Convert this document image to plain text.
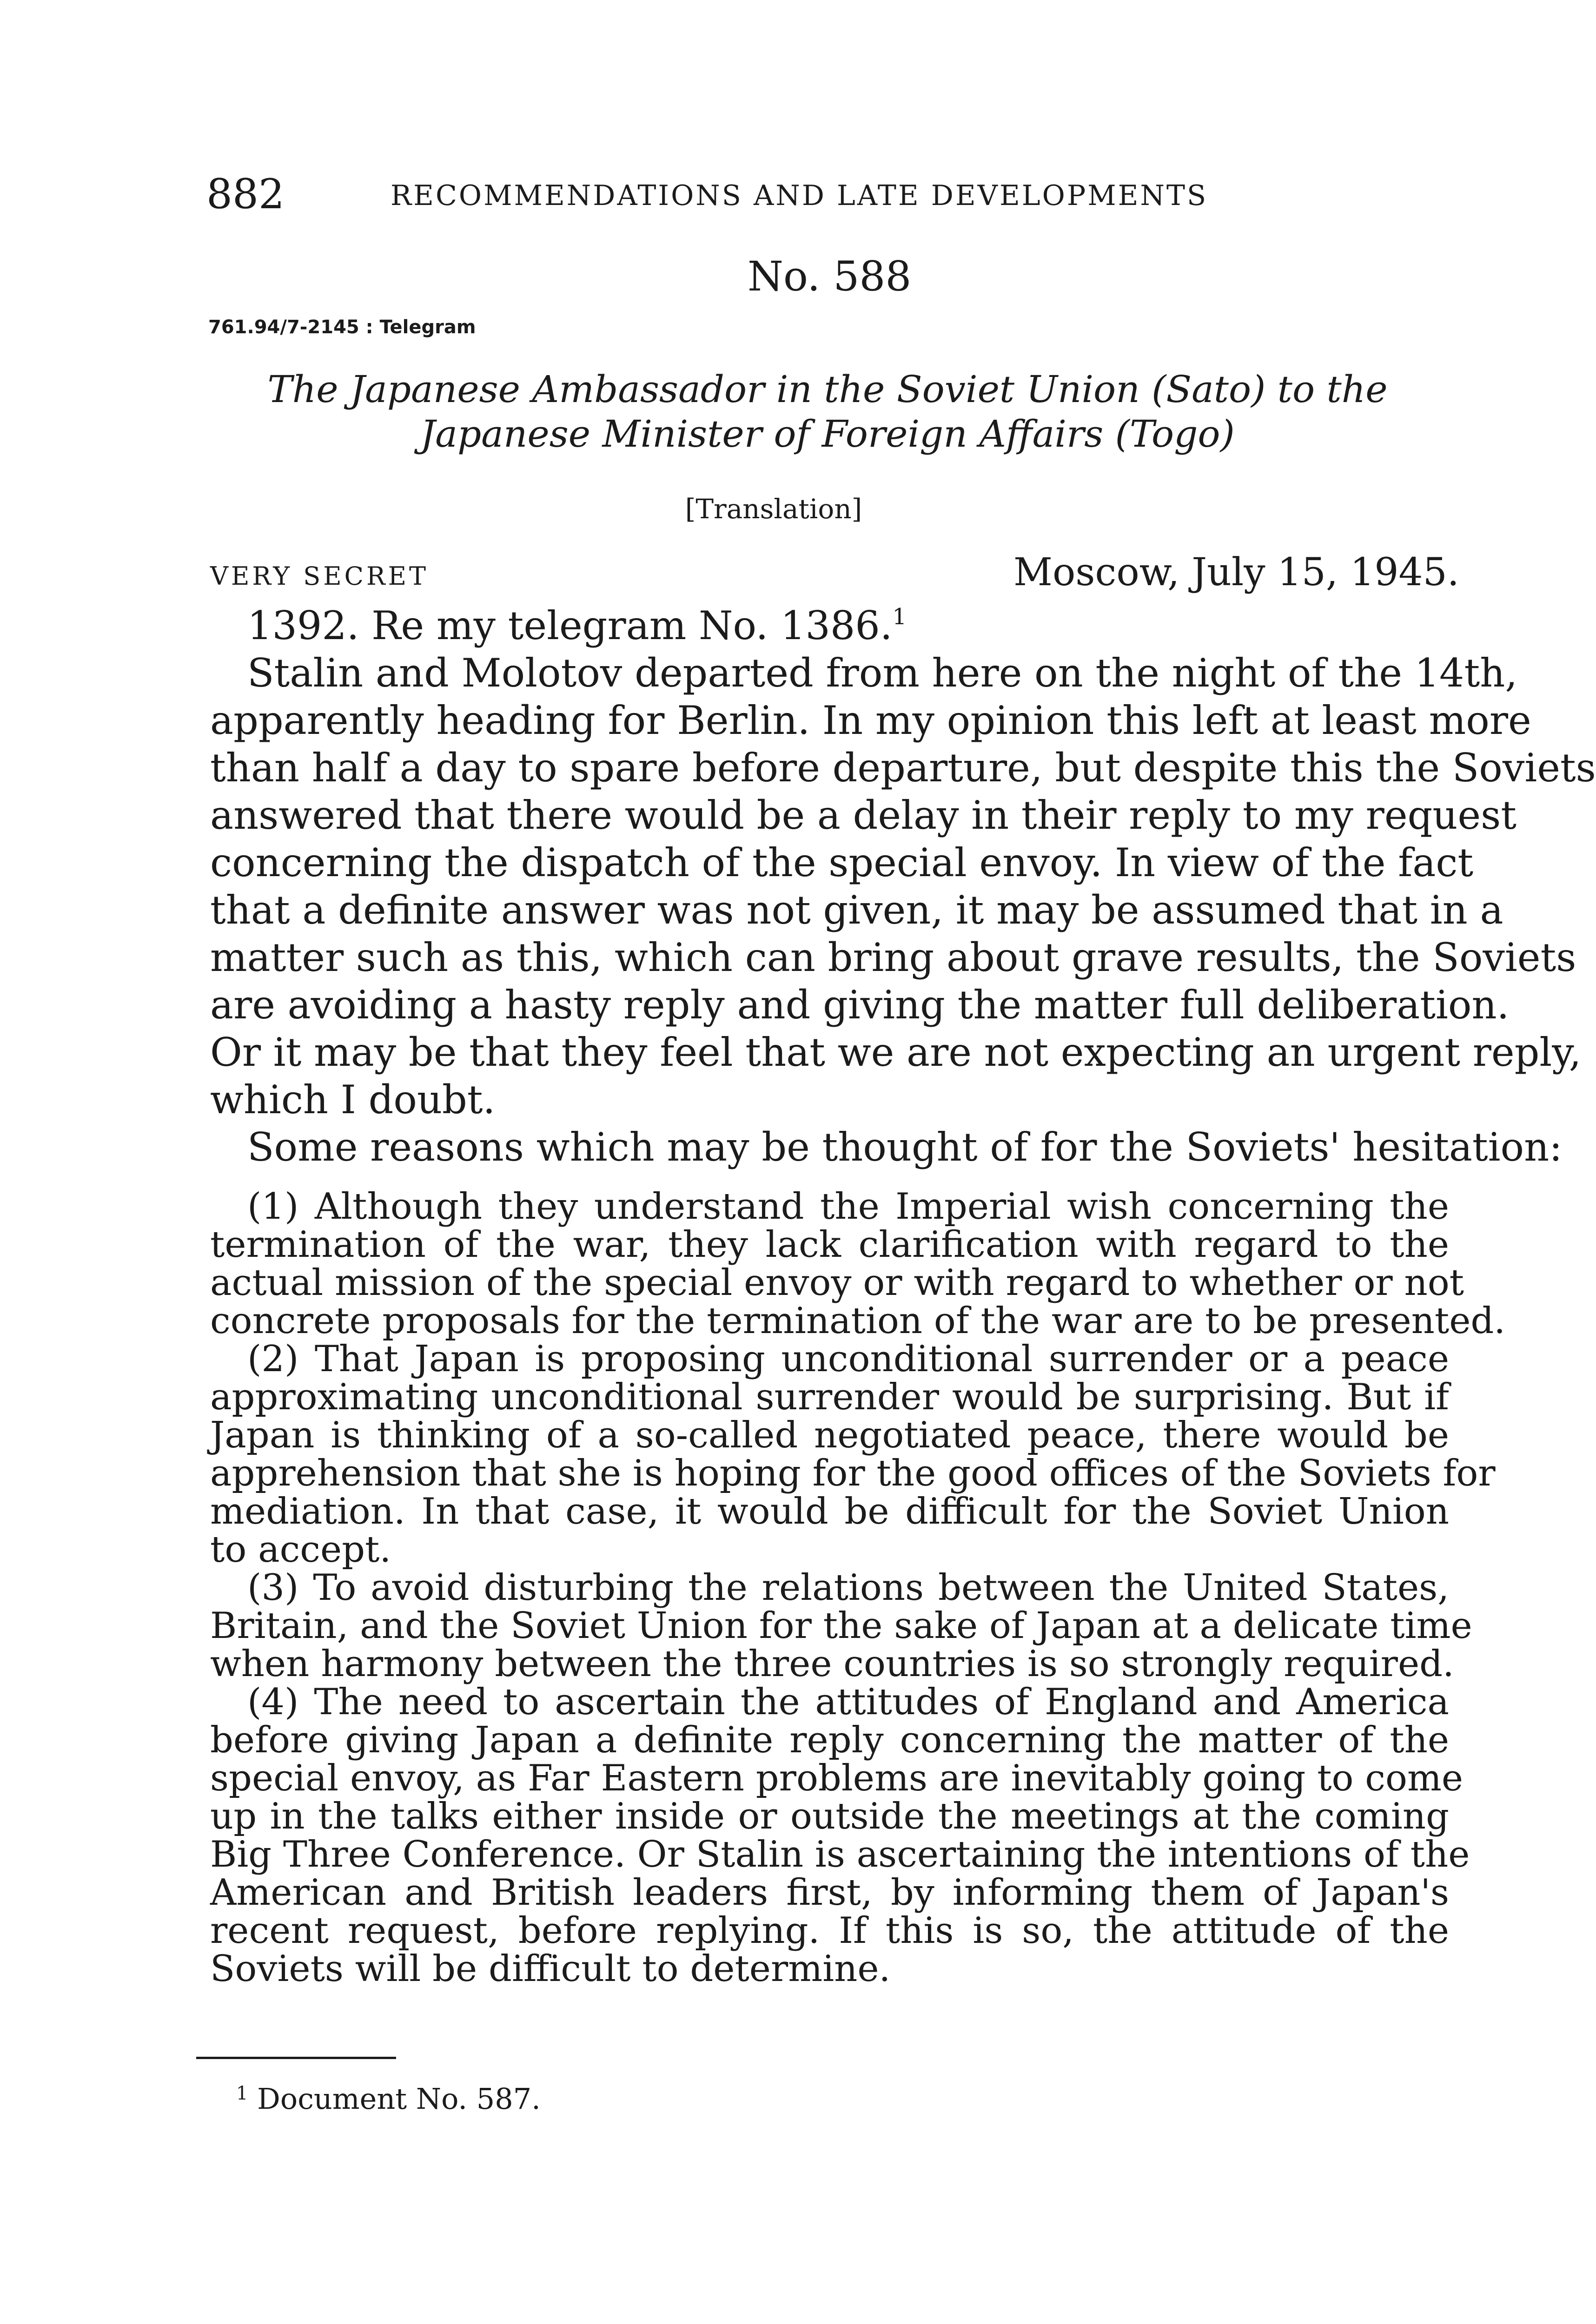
882	RECOMMENDATIONS AND LATE DEVELOPMENTS
No. 588
761.94/7-2145 : Telegram
The Japanese Ambassador in the Soviet Union (Sato) to the Japanese Minister of Foreign Affairs (Togo)
[Translation]
VERY SECRET	Moscow, July 15, 1945.
1392. Re my telegram No. 1386.$^1$
Stalin and Molotov departed from here on the night of the 14th,
apparently heading for Berlin. In my opinion this left at least more
than half a day to spare before departure, but despite this the Soviets
answered that there would be a delay in their reply to my request
concerning the dispatch of the special envoy. In view of the fact
that a definite answer was not given, it may be assumed that in a
matter such as this, which can bring about grave results, the Soviets
are avoiding a hasty reply and giving the matter full deliberation.
Or it may be that they feel that we are not expecting an urgent reply,
which I doubt.
Some reasons which may be thought of for the Soviets' hesitation:
(1) Although they understand the Imperial wish concerning the
termination of the war, they lack clarification with regard to the
actual mission of the special envoy or with regard to whether or not
concrete proposals for the termination of the war are to be presented.
(2) That Japan is proposing unconditional surrender or a peace
approximating unconditional surrender would be surprising. But if
Japan is thinking of a so-called negotiated peace, there would be
apprehension that she is hoping for the good offices of the Soviets for
mediation. In that case, it would be difficult for the Soviet Union
to accept.
(3) To avoid disturbing the relations between the United States,
Britain, and the Soviet Union for the sake of Japan at a delicate time
when harmony between the three countries is so strongly required.
(4) The need to ascertain the attitudes of England and America
before giving Japan a definite reply concerning the matter of the
special envoy, as Far Eastern problems are inevitably going to come
up in the talks either inside or outside the meetings at the coming
Big Three Conference. Or Stalin is ascertaining the intentions of the
American and British leaders first, by informing them of Japan's
recent request, before replying. If this is so, the attitude of the
Soviets will be difficult to determine.
$^1$ Document No. 587.
